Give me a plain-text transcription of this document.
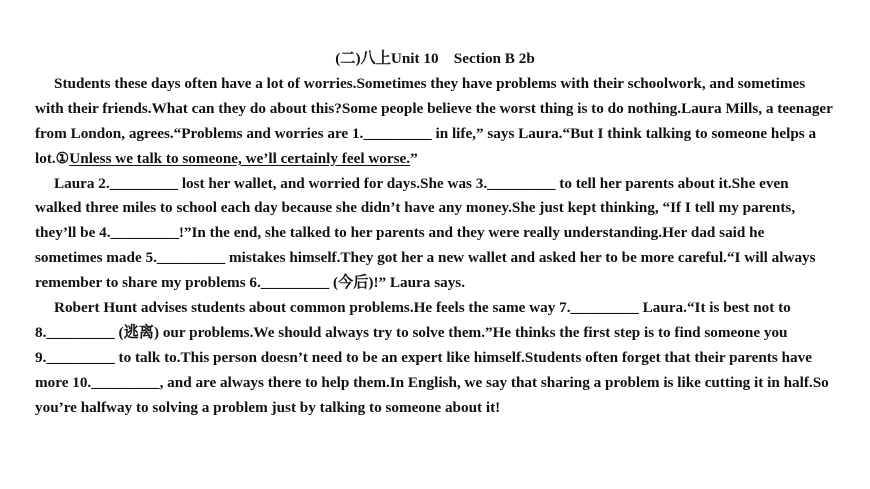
(二)八上Unit 10    Section B 2b

Students these days often have a lot of worries.Sometimes they have problems with their schoolwork, and sometimes with their friends.What can they do about this?Some people believe the worst thing is to do nothing.Laura Mills, a teenager from London, agrees.“Problems and worries are 1._________ in life,” says Laura.“But I think talking to someone helps a lot.①Unless we talk to someone, we’ll certainly feel worse.”

Laura 2._________ lost her wallet, and worried for days.She was 3._________ to tell her parents about it.She even walked three miles to school each day because she didn’t have any money.She just kept thinking, “If I tell my parents, they’ll be 4._________!”In the end, she talked to her parents and they were really understanding.Her dad said he sometimes made 5._________ mistakes himself.They got her a new wallet and asked her to be more careful.“I will always remember to share my problems 6._________ (今后)!” Laura says.

Robert Hunt advises students about common problems.He feels the same way 7._________ Laura.“It is best not to 8._________ (逃离) our problems.We should always try to solve them.”He thinks the first step is to find someone you 9._________ to talk to.This person doesn’t need to be an expert like himself.Students often forget that their parents have more 10._________, and are always there to help them.In English, we say that sharing a problem is like cutting it in half.So you’re halfway to solving a problem just by talking to someone about it!
